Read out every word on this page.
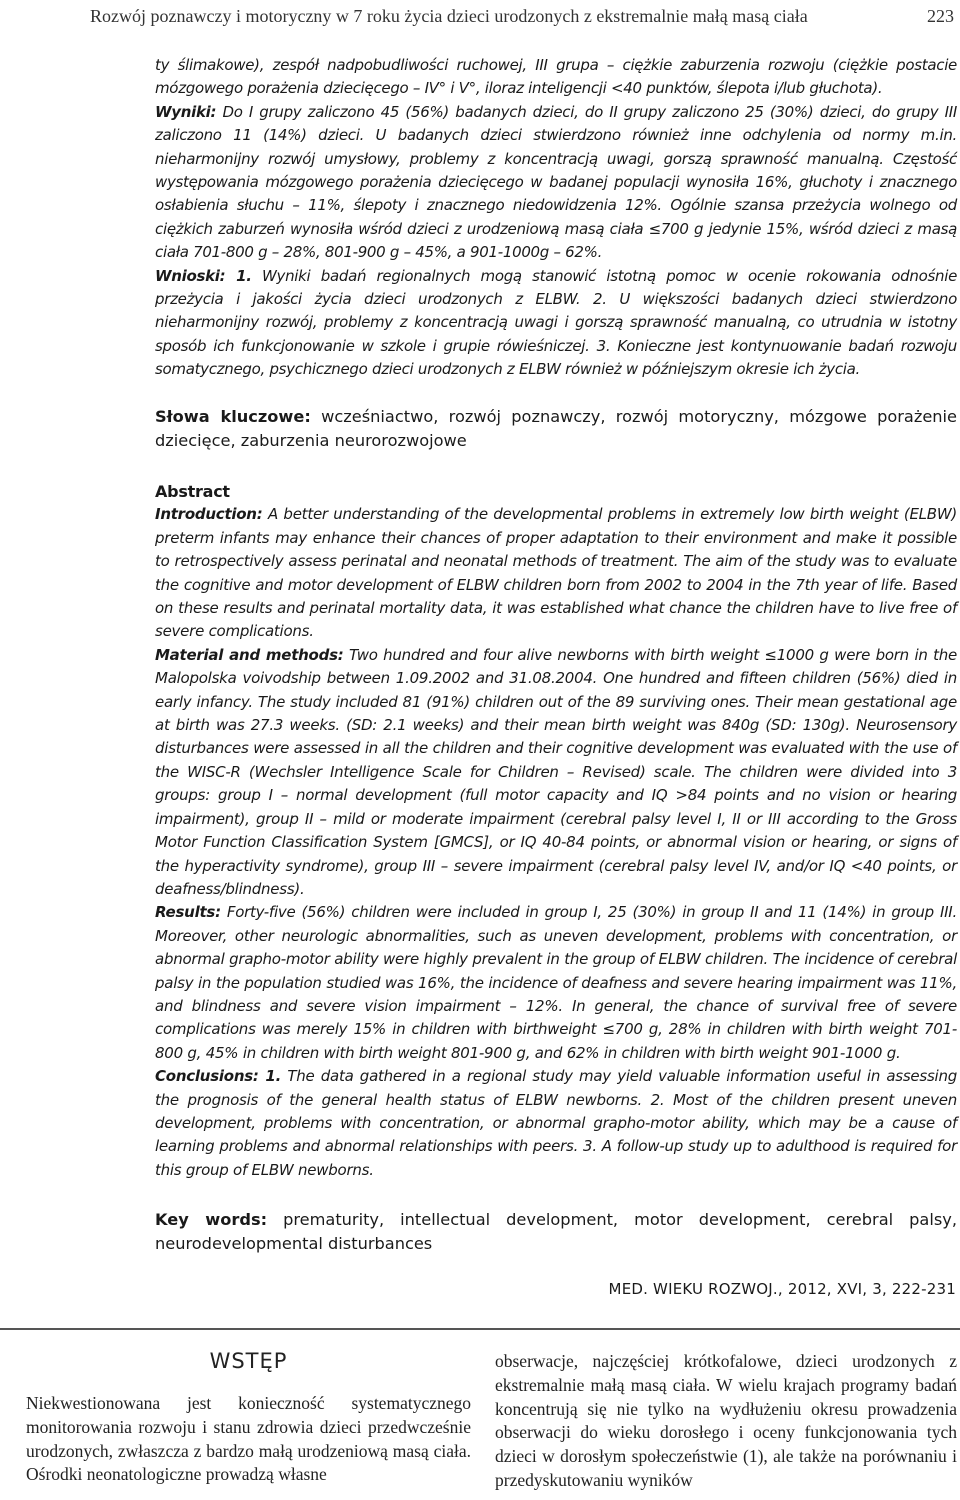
Rozwój poznawczy i motoryczny w 7 roku życia dzieci urodzonych z ekstremalnie małą masą ciała	223
ty ślimakowe), zespół nadpobudliwości ruchowej, III grupa – ciężkie zaburzenia rozwoju (ciężkie postacie mózgowego porażenia dziecięcego – IV° i V°, iloraz inteligencji <40 punktów, ślepota i/lub głuchota).
Wyniki: Do I grupy zaliczono 45 (56%) badanych dzieci, do II grupy zaliczono 25 (30%) dzieci, do grupy III zaliczono 11 (14%) dzieci. U badanych dzieci stwierdzono również inne odchylenia od normy m.in. nieharmonijny rozwój umysłowy, problemy z koncentracją uwagi, gorszą sprawność manualną. Częstość występowania mózgowego porażenia dziecięcego w badanej populacji wynosiła 16%, głuchoty i znacznego osłabienia słuchu – 11%, ślepoty i znacznego niedowidzenia 12%. Ogólnie szansa przeżycia wolnego od ciężkich zaburzeń wynosiła wśród dzieci z urodzeniową masą ciała ≤700 g jedynie 15%, wśród dzieci z masą ciała 701-800 g – 28%, 801-900 g – 45%, a 901-1000g – 62%.
Wnioski: 1. Wyniki badań regionalnych mogą stanowić istotną pomoc w ocenie rokowania odnośnie przeżycia i jakości życia dzieci urodzonych z ELBW. 2. U większości badanych dzieci stwierdzono nieharmonijny rozwój, problemy z koncentracją uwagi i gorszą sprawność manualną, co utrudnia w istotny sposób ich funkcjonowanie w szkole i grupie rówieśniczej. 3. Konieczne jest kontynuowanie badań rozwoju somatycznego, psychicznego dzieci urodzonych z ELBW również w późniejszym okresie ich życia.
Słowa kluczowe: wcześniactwo, rozwój poznawczy, rozwój motoryczny, mózgowe porażenie dziecięce, zaburzenia neurorozwojowe
Abstract
Introduction: A better understanding of the developmental problems in extremely low birth weight (ELBW) preterm infants may enhance their chances of proper adaptation to their environment and make it possible to retrospectively assess perinatal and neonatal methods of treatment. The aim of the study was to evaluate the cognitive and motor development of ELBW children born from 2002 to 2004 in the 7th year of life. Based on these results and perinatal mortality data, it was established what chance the children have to live free of severe complications.
Material and methods: Two hundred and four alive newborns with birth weight ≤1000 g were born in the Malopolska voivodship between 1.09.2002 and 31.08.2004. One hundred and fifteen children (56%) died in early infancy. The study included 81 (91%) children out of the 89 surviving ones. Their mean gestational age at birth was 27.3 weeks. (SD: 2.1 weeks) and their mean birth weight was 840g (SD: 130g). Neurosensory disturbances were assessed in all the children and their cognitive development was evaluated with the use of the WISC-R (Wechsler Intelligence Scale for Children – Revised) scale. The children were divided into 3 groups: group I – normal development (full motor capacity and IQ >84 points and no vision or hearing impairment), group II – mild or moderate impairment (cerebral palsy level I, II or III according to the Gross Motor Function Classification System [GMCS], or IQ 40-84 points, or abnormal vision or hearing, or signs of the hyperactivity syndrome), group III – severe impairment (cerebral palsy level IV, and/or IQ <40 points, or deafness/blindness).
Results: Forty-five (56%) children were included in group I, 25 (30%) in group II and 11 (14%) in group III. Moreover, other neurologic abnormalities, such as uneven development, problems with concentration, or abnormal grapho-motor ability were highly prevalent in the group of ELBW children. The incidence of cerebral palsy in the population studied was 16%, the incidence of deafness and severe hearing impairment was 11%, and blindness and severe vision impairment – 12%. In general, the chance of survival free of severe complications was merely 15% in children with birthweight ≤700 g, 28% in children with birth weight 701-800 g, 45% in children with birth weight 801-900 g, and 62% in children with birth weight 901-1000 g.
Conclusions: 1. The data gathered in a regional study may yield valuable information useful in assessing the prognosis of the general health status of ELBW newborns. 2. Most of the children present uneven development, problems with concentration, or abnormal grapho-motor ability, which may be a cause of learning problems and abnormal relationships with peers. 3. A follow-up study up to adulthood is required for this group of ELBW newborns.
Key words: prematurity, intellectual development, motor development, cerebral palsy, neurodevelopmental disturbances
MED. WIEKU ROZWOJ., 2012, XVI, 3, 222-231
WSTĘP
Niekwestionowana jest konieczność systematycznego monitorowania rozwoju i stanu zdrowia dzieci przedwcześnie urodzonych, zwłaszcza z bardzo małą urodzeniową masą ciała. Ośrodki neonatologiczne prowadzą własne
obserwacje, najczęściej krótkofalowe, dzieci urodzonych z ekstremalnie małą masą ciała. W wielu krajach programy badań koncentrują się nie tylko na wydłużeniu okresu prowadzenia obserwacji do wieku dorosłego i oceny funkcjonowania tych dzieci w dorosłym społeczeństwie (1), ale także na porównaniu i przedyskutowaniu wyników
